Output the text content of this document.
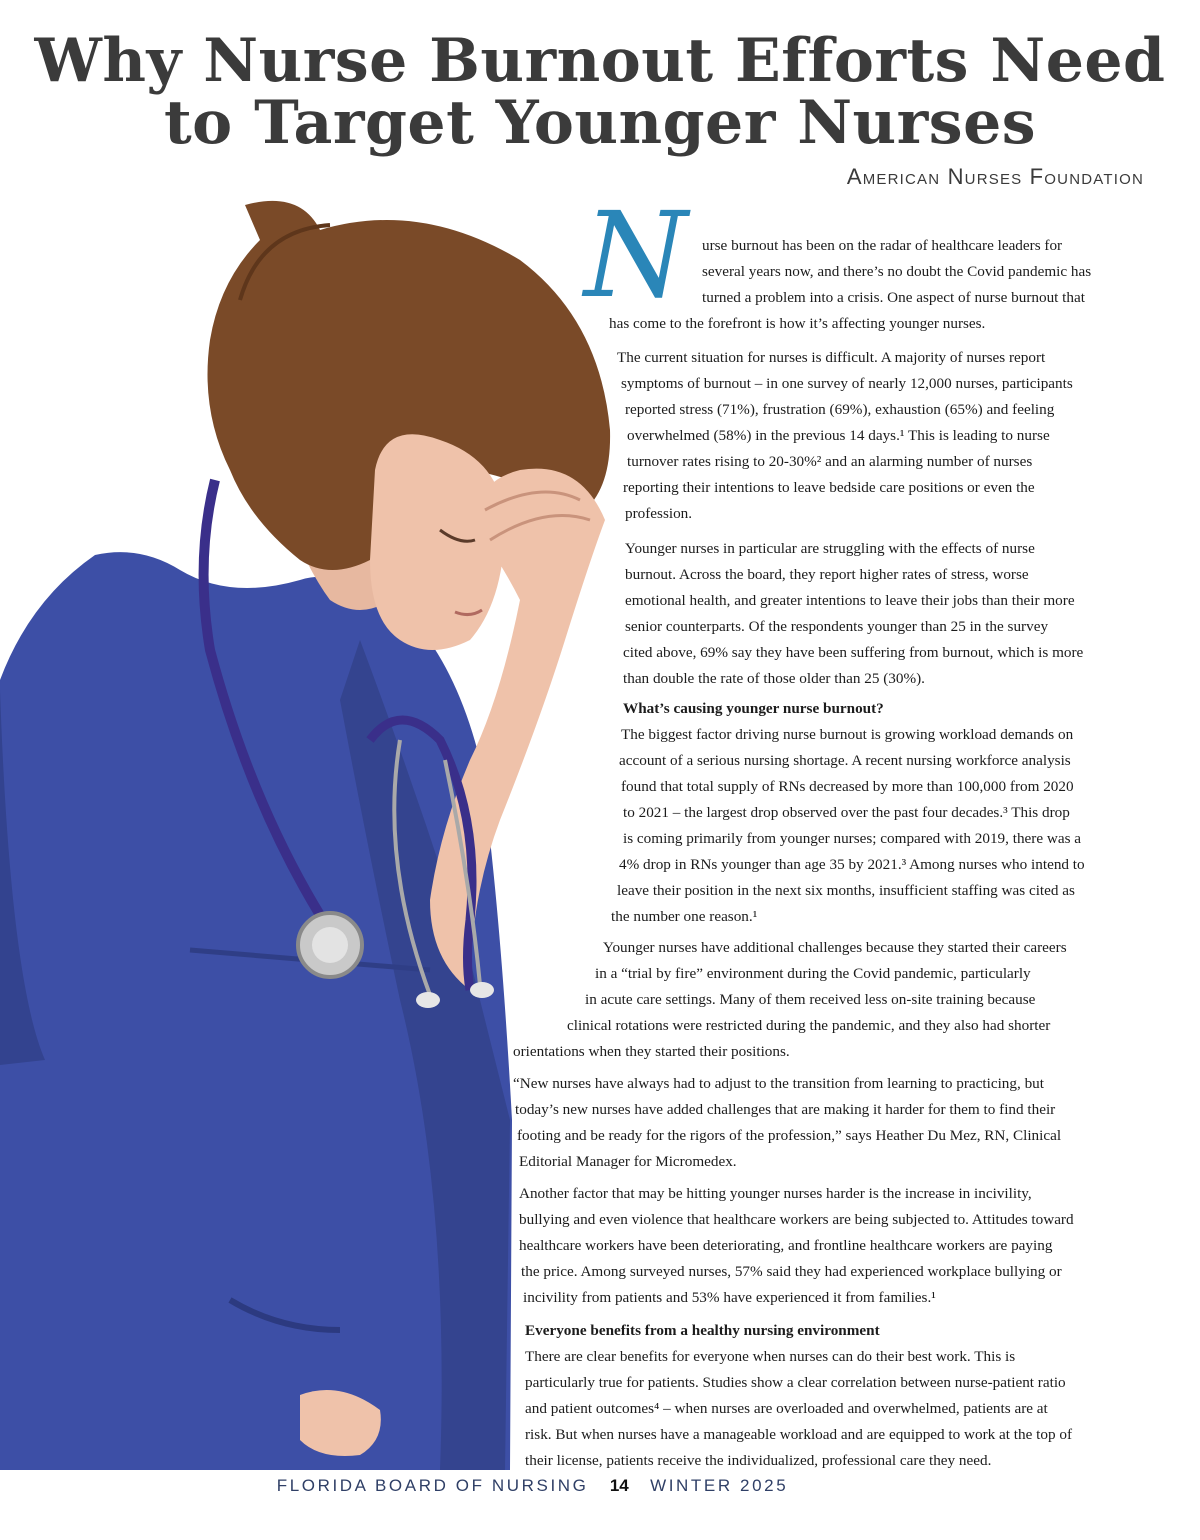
Why Nurse Burnout Efforts Need
to Target Younger Nurses
American Nurses Foundation
N urse burnout has been on the radar of healthcare leaders for

several years now, and there’s no doubt the Covid pandemic has

turned a problem into a crisis. One aspect of nurse burnout that

has come to the forefront is how it’s affecting younger nurses.

The current situation for nurses is difficult. A majority of nurses report

symptoms of burnout – in one survey of nearly 12,000 nurses, participants

reported stress (71%), frustration (69%), exhaustion (65%) and feeling

overwhelmed (58%) in the previous 14 days.¹ This is leading to nurse

turnover rates rising to 20-30%² and an alarming number of nurses

reporting their intentions to leave bedside care positions or even the

profession.

Younger nurses in particular are struggling with the effects of nurse

burnout. Across the board, they report higher rates of stress, worse

emotional health, and greater intentions to leave their jobs than their more

senior counterparts. Of the respondents younger than 25 in the survey

cited above, 69% say they have been suffering from burnout, which is more

than double the rate of those older than 25 (30%).

What’s causing younger nurse burnout?

The biggest factor driving nurse burnout is growing workload demands on

account of a serious nursing shortage. A recent nursing workforce analysis

found that total supply of RNs decreased by more than 100,000 from 2020

to 2021 – the largest drop observed over the past four decades.³ This drop

is coming primarily from younger nurses; compared with 2019, there was a

4% drop in RNs younger than age 35 by 2021.³ Among nurses who intend to

leave their position in the next six months, insufficient staffing was cited as

the number one reason.¹

Younger nurses have additional challenges because they started their careers

in a “trial by fire” environment during the Covid pandemic, particularly

in acute care settings. Many of them received less on-site training because

clinical rotations were restricted during the pandemic, and they also had shorter

orientations when they started their positions.

“New nurses have always had to adjust to the transition from learning to practicing, but

today’s new nurses have added challenges that are making it harder for them to find their

footing and be ready for the rigors of the profession,” says Heather Du Mez, RN, Clinical

Editorial Manager for Micromedex.

Another factor that may be hitting younger nurses harder is the increase in incivility,

bullying and even violence that healthcare workers are being subjected to. Attitudes toward

healthcare workers have been deteriorating, and frontline healthcare workers are paying

the price. Among surveyed nurses, 57% said they had experienced workplace bullying or

incivility from patients and 53% have experienced it from families.¹

Everyone benefits from a healthy nursing environment

There are clear benefits for everyone when nurses can do their best work. This is

particularly true for patients. Studies show a clear correlation between nurse-patient ratio

and patient outcomes⁴ – when nurses are overloaded and overwhelmed, patients are at

risk. But when nurses have a manageable workload and are equipped to work at the top of

their license, patients receive the individualized, professional care they need.

FLORIDA BOARD OF NURSING 14 WINTER 2025
